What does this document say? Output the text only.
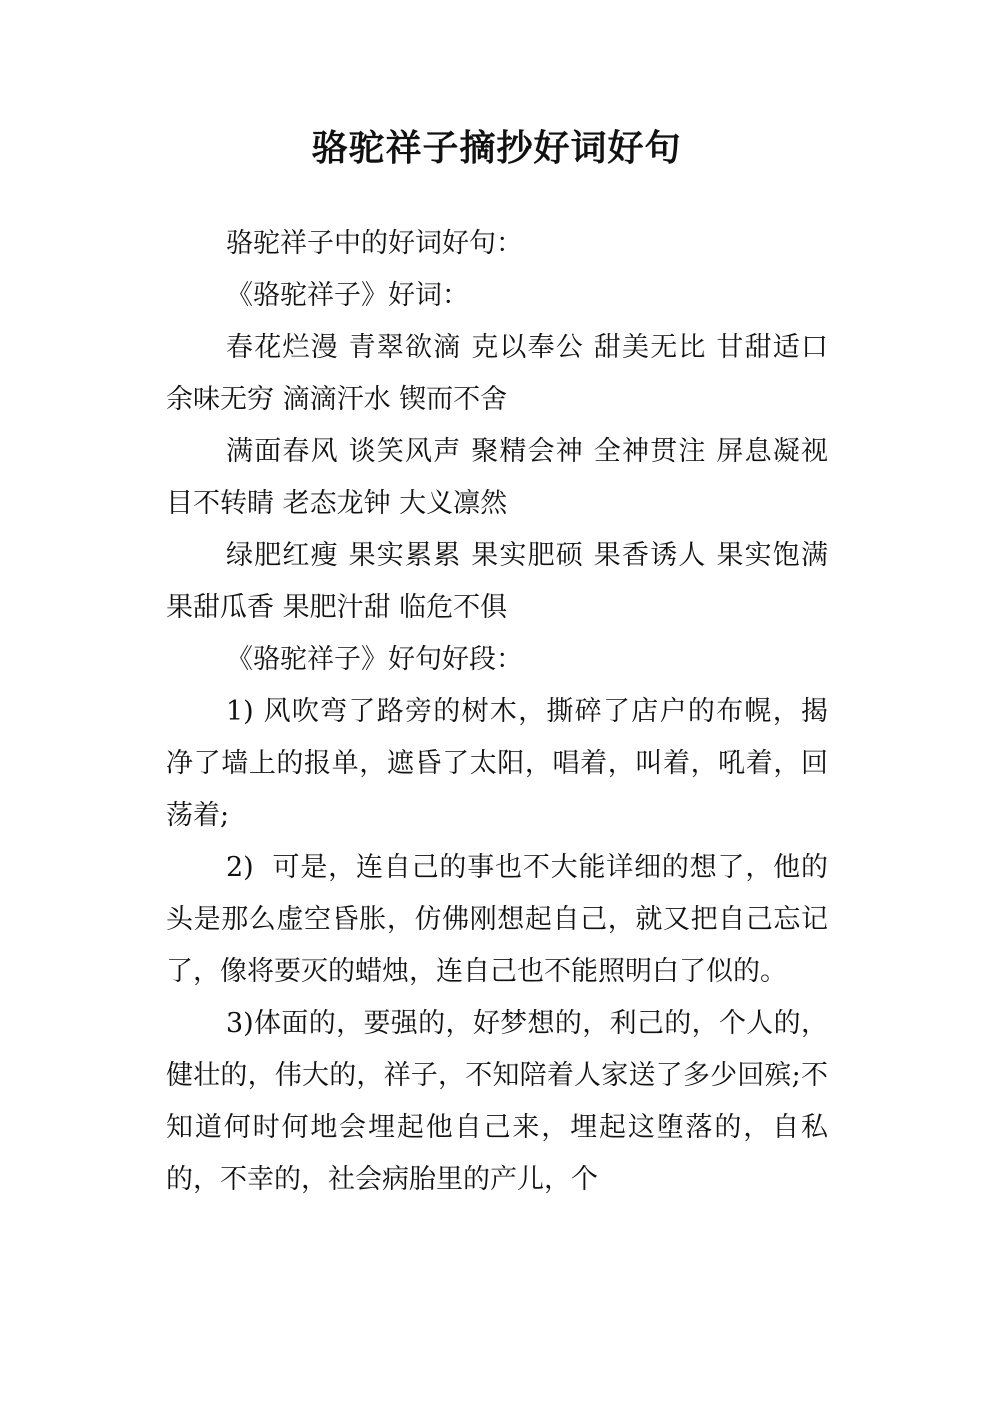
骆驼祥子摘抄好词好句

骆驼祥子中的好词好句：

《骆驼祥子》好词：

春花烂漫 青翠欲滴 克以奉公 甜美无比 甘甜适口 余味无穷 滴滴汗水 锲而不舍

满面春风 谈笑风声 聚精会神 全神贯注 屏息凝视 目不转睛 老态龙钟 大义凛然

绿肥红瘦 果实累累 果实肥硕 果香诱人 果实饱满 果甜瓜香 果肥汁甜 临危不俱

《骆驼祥子》好句好段：

1) 风吹弯了路旁的树木，撕碎了店户的布幌，揭净了墙上的报单，遮昏了太阳，唱着，叫着，吼着，回荡着;

2)  可是，连自己的事也不大能详细的想了，他的头是那么虚空昏胀，仿佛刚想起自己，就又把自己忘记了，像将要灭的蜡烛，连自己也不能照明白了似的。

3)体面的，要强的，好梦想的，利己的，个人的，健壮的，伟大的，祥子，不知陪着人家送了多少回殡;不知道何时何地会埋起他自己来，埋起这堕落的，自私的，不幸的，社会病胎里的产儿，个
